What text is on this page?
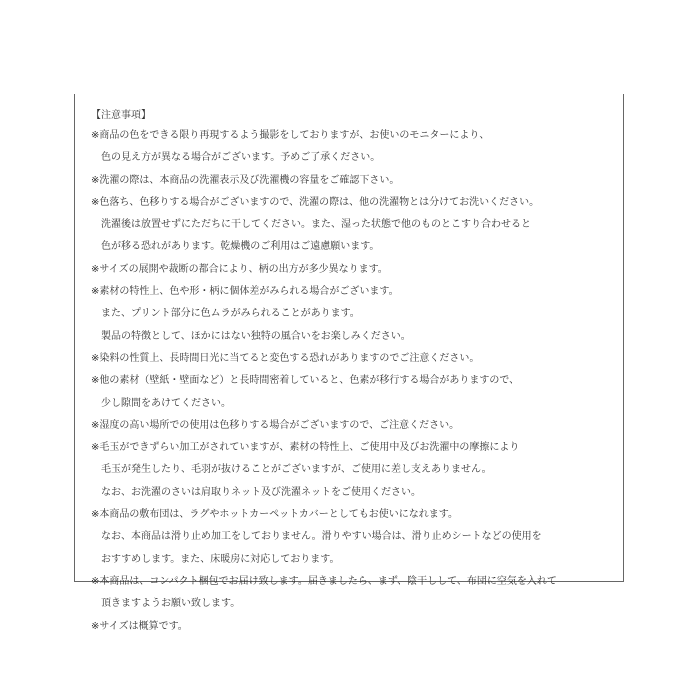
【注意事項】
※商品の色をできる限り再現するよう撮影をしておりますが、お使いのモニターにより、
色の見え方が異なる場合がございます。予めご了承ください。
※洗濯の際は、本商品の洗濯表示及び洗濯機の容量をご確認下さい。
※色落ち、色移りする場合がございますので、洗濯の際は、他の洗濯物とは分けてお洗いください。
洗濯後は放置せずにただちに干してください。また、湿った状態で他のものとこすり合わせると
色が移る恐れがあります。乾燥機のご利用はご遠慮願います。
※サイズの展開や裁断の都合により、柄の出方が多少異なります。
※素材の特性上、色や形・柄に個体差がみられる場合がございます。
また、プリント部分に色ムラがみられることがあります。
製品の特徴として、ほかにはない独特の風合いをお楽しみください。
※染料の性質上、長時間日光に当てると変色する恐れがありますのでご注意ください。
※他の素材（壁紙・壁面など）と長時間密着していると、色素が移行する場合がありますので、
少し隙間をあけてください。
※湿度の高い場所での使用は色移りする場合がございますので、ご注意ください。
※毛玉ができずらい加工がされていますが、素材の特性上、ご使用中及びお洗濯中の摩擦により
毛玉が発生したり、毛羽が抜けることがございますが、ご使用に差し支えありません。
なお、お洗濯のさいは肩取りネット及び洗濯ネットをご使用ください。
※本商品の敷布団は、ラグやホットカーペットカバーとしてもお使いになれます。
なお、本商品は滑り止め加工をしておりません。滑りやすい場合は、滑り止めシートなどの使用を
おすすめします。また、床暖房に対応しております。
※本商品は、コンパクト梱包でお届け致します。届きましたら、まず、陰干しして、布団に空気を入れて
頂きますようお願い致します。
※サイズは概算です。
